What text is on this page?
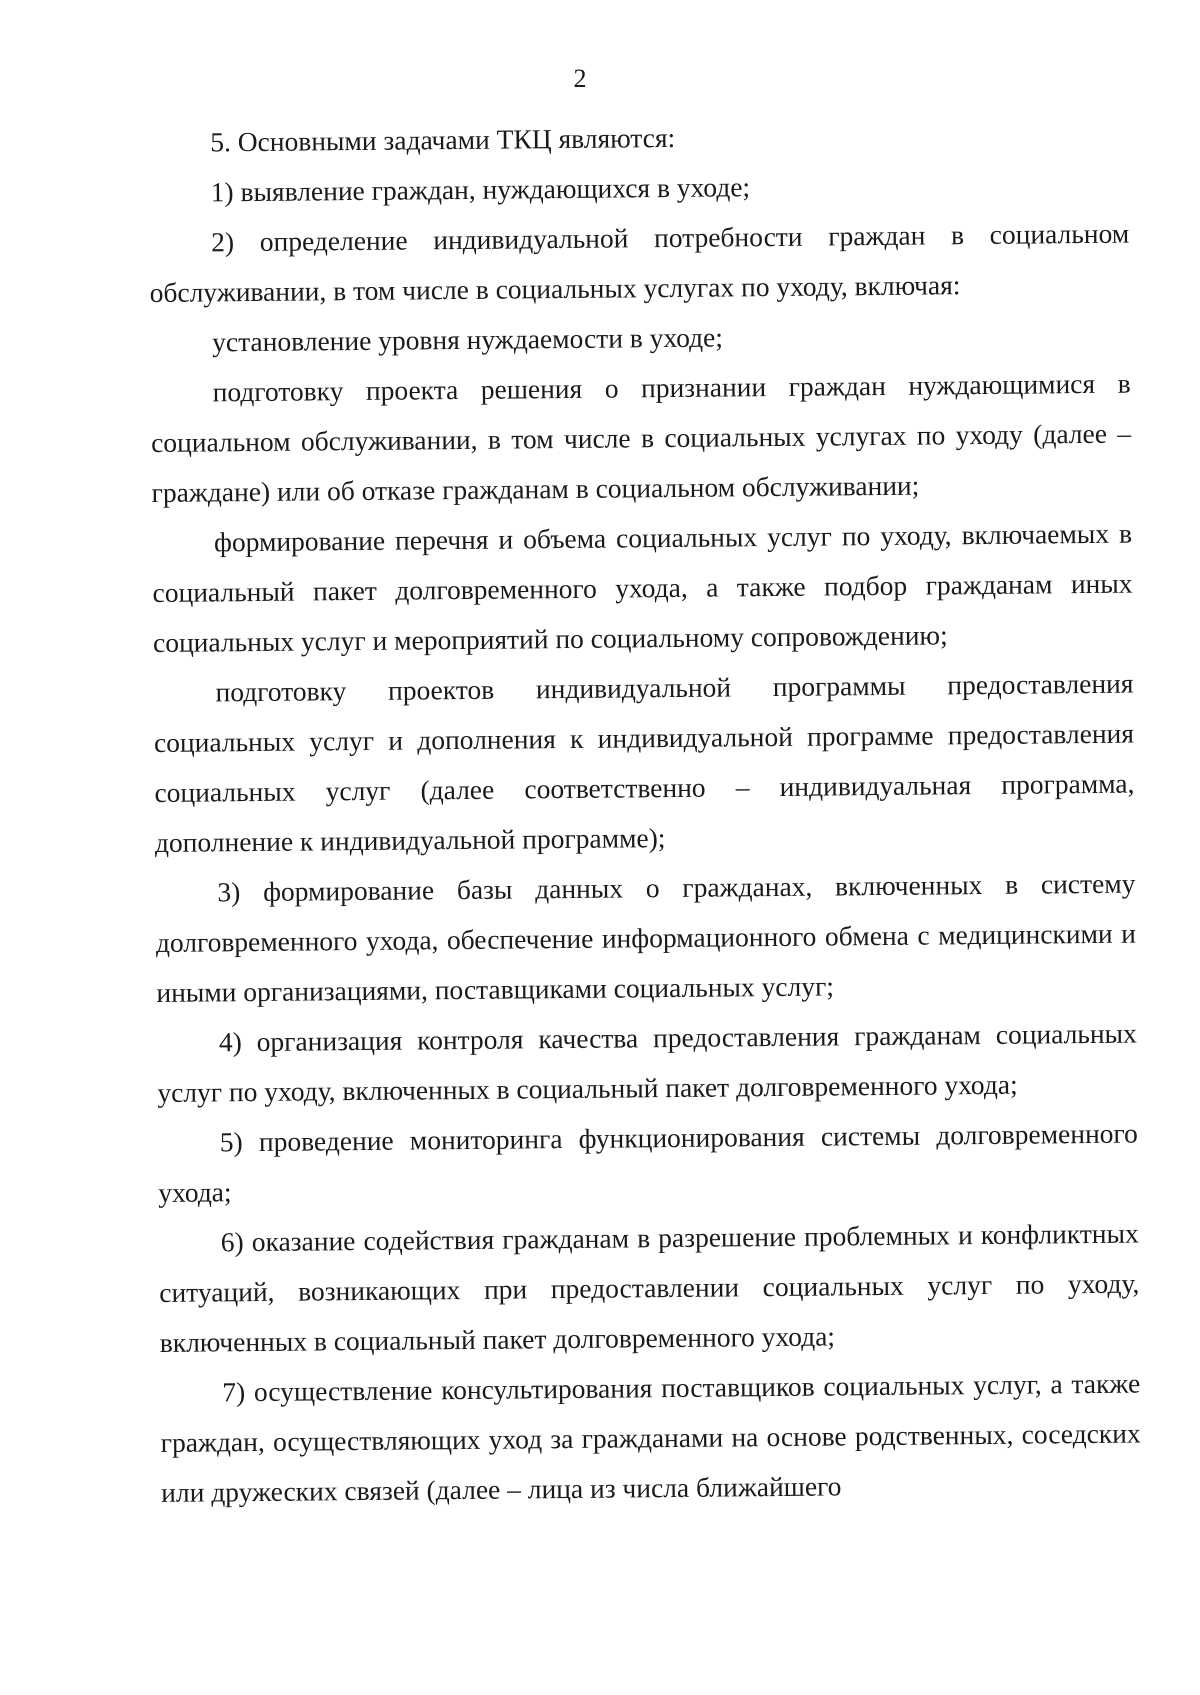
2

5. Основными задачами ТКЦ являются:

1) выявление граждан, нуждающихся в уходе;

2) определение индивидуальной потребности граждан в социальном обслуживании, в том числе в социальных услугах по уходу, включая:

установление уровня нуждаемости в уходе;

подготовку проекта решения о признании граждан нуждающимися в социальном обслуживании, в том числе в социальных услугах по уходу (далее – граждане) или об отказе гражданам в социальном обслуживании;

формирование перечня и объема социальных услуг по уходу, включаемых в социальный пакет долговременного ухода, а также подбор гражданам иных социальных услуг и мероприятий по социальному сопровождению;

подготовку проектов индивидуальной программы предоставления социальных услуг и дополнения к индивидуальной программе предоставления социальных услуг (далее соответственно – индивидуальная программа, дополнение к индивидуальной программе);

3) формирование базы данных о гражданах, включенных в систему долговременного ухода, обеспечение информационного обмена с медицинскими и иными организациями, поставщиками социальных услуг;

4) организация контроля качества предоставления гражданам социальных услуг по уходу, включенных в социальный пакет долговременного ухода;

5) проведение мониторинга функционирования системы долговременного ухода;

6) оказание содействия гражданам в разрешение проблемных и конфликтных ситуаций, возникающих при предоставлении социальных услуг по уходу, включенных в социальный пакет долговременного ухода;

7) осуществление консультирования поставщиков социальных услуг, а также граждан, осуществляющих уход за гражданами на основе родственных, соседских или дружеских связей (далее – лица из числа ближайшего
